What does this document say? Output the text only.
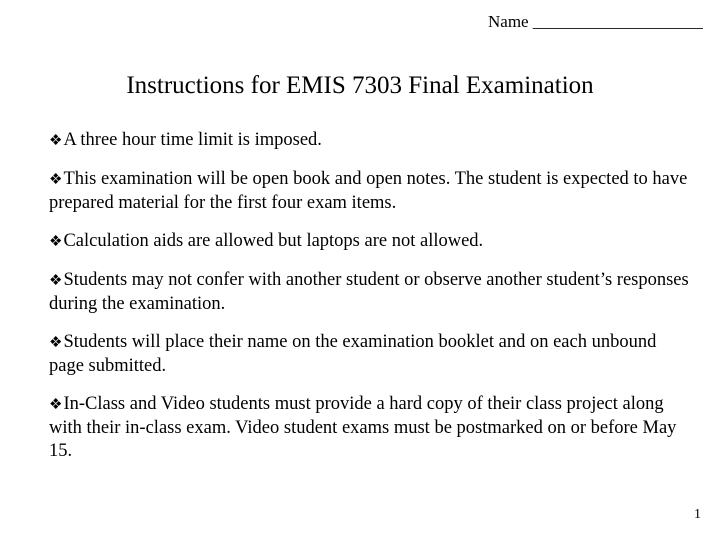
Name ____________________
Instructions for EMIS 7303 Final Examination
❖A three hour time limit is imposed.
❖This examination will be open book and open notes. The student is expected to have prepared material for the first four exam items.
❖Calculation aids are allowed but laptops are not allowed.
❖Students may not confer with another student or observe another student’s responses during the examination.
❖Students will place their name on the examination booklet and on each unbound page submitted.
❖In-Class and Video students must provide a hard copy of their class project along with their in-class exam. Video student exams must be postmarked on or before May 15.
1
